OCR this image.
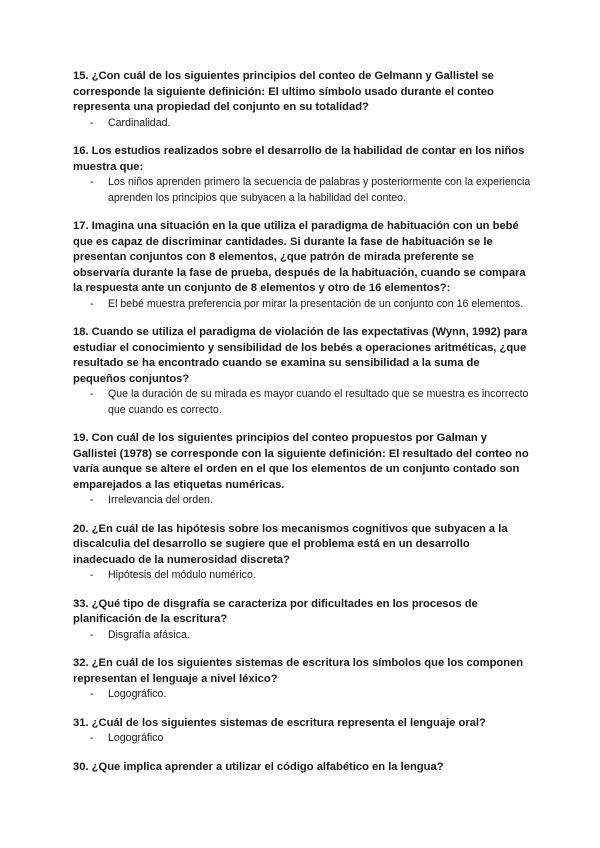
15. ¿Con cuál de los siguientes principios del conteo de Gelmann y Gallistel se corresponde la siguiente definición: El ultimo símbolo usado durante el conteo representa una propiedad del conjunto en su totalidad?

- Cardinalidad.

16. Los estudios realizados sobre el desarrollo de la habilidad de contar en los niños muestra que:

- Los niños aprenden primero la secuencia de palabras y posteriormente con la experiencia aprenden los principios que subyacen a la habilidad del conteo.

17. Imagina una situación en la que utiliza el paradigma de habituación con un bebé que es capaz de discriminar cantidades. Si durante la fase de habituación se le presentan conjuntos con 8 elementos, ¿que patrón de mirada preferente se observaría durante la fase de prueba, después de la habituación, cuando se compara la respuesta ante un conjunto de 8 elementos y otro de 16 elementos?:

- El bebé muestra preferencia por mirar la presentación de un conjunto con 16 elementos.

18. Cuando se utiliza el paradigma de violación de las expectativas (Wynn, 1992) para estudiar el conocimiento y sensibilidad de los bebés a operaciones aritméticas, ¿que resultado se ha encontrado cuando se examina su sensibilidad a la suma de pequeños conjuntos?

- Que la duración de su mirada es mayor cuando el resultado que se muestra es incorrecto que cuando es correcto.

19. Con cuál de los siguientes principios del conteo propuestos por Galman y Gallistei (1978) se corresponde con la siguiente definición: El resultado del conteo no varía aunque se altere el orden en el que los elementos de un conjunto contado son emparejados a las etiquetas numéricas.

- Irrelevancia del orden.

20. ¿En cuál de las hipótesis sobre los mecanismos cognitivos que subyacen a la discalculia del desarrollo se sugiere que el problema está en un desarrollo inadecuado de la numerosidad discreta?

- Hipótesis del módulo numérico.

33. ¿Qué tipo de disgrafía se caracteriza por dificultades en los procesos de planificación de la escritura?

- Disgrafía afásica.

32. ¿En cuál de los siguientes sistemas de escritura los símbolos que los componen representan el lenguaje a nivel léxico?

- Logográfico.

31. ¿Cuál de los siguientes sistemas de escritura representa el lenguaje oral?

- Logográfico

30. ¿Que implica aprender a utilizar el código alfabético en la lengua?
